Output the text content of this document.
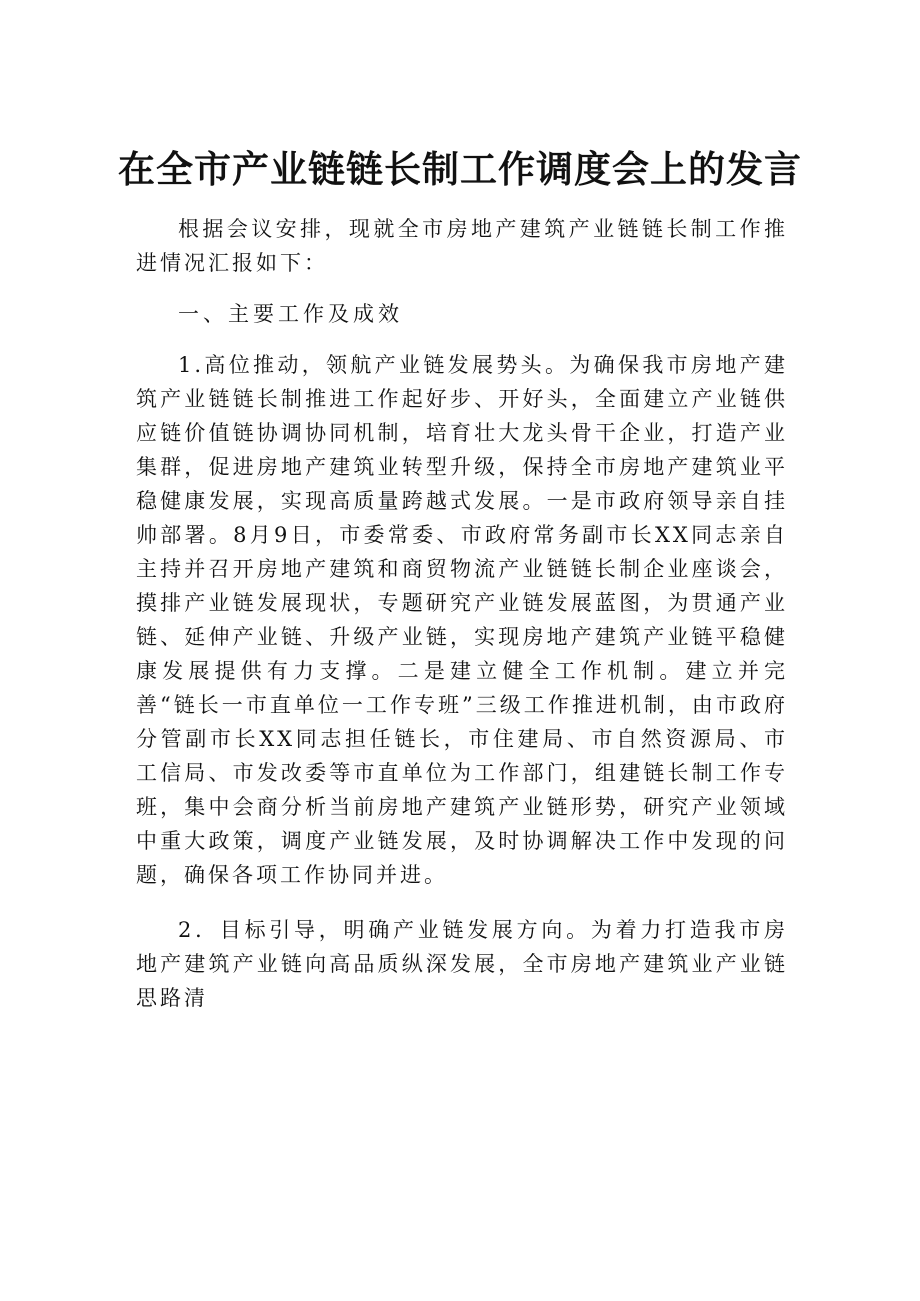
在全市产业链链长制工作调度会上的发言

根据会议安排，现就全市房地产建筑产业链链长制工作推进情况汇报如下：

一、主要工作及成效

1.高位推动，领航产业链发展势头。为确保我市房地产建筑产业链链长制推进工作起好步、开好头，全面建立产业链供应链价值链协调协同机制，培育壮大龙头骨干企业，打造产业集群，促进房地产建筑业转型升级，保持全市房地产建筑业平稳健康发展，实现高质量跨越式发展。一是市政府领导亲自挂帅部署。8月9日，市委常委、市政府常务副市长XX同志亲自主持并召开房地产建筑和商贸物流产业链链长制企业座谈会，摸排产业链发展现状，专题研究产业链发展蓝图，为贯通产业链、延伸产业链、升级产业链，实现房地产建筑产业链平稳健康发展提供有力支撑。二是建立健全工作机制。建立并完善“链长一市直单位一工作专班”三级工作推进机制，由市政府分管副市长XX同志担任链长，市住建局、市自然资源局、市工信局、市发改委等市直单位为工作部门，组建链长制工作专班，集中会商分析当前房地产建筑产业链形势，研究产业领域中重大政策，调度产业链发展，及时协调解决工作中发现的问题，确保各项工作协同并进。

2．目标引导，明确产业链发展方向。为着力打造我市房地产建筑产业链向高品质纵深发展，全市房地产建筑业产业链思路清
